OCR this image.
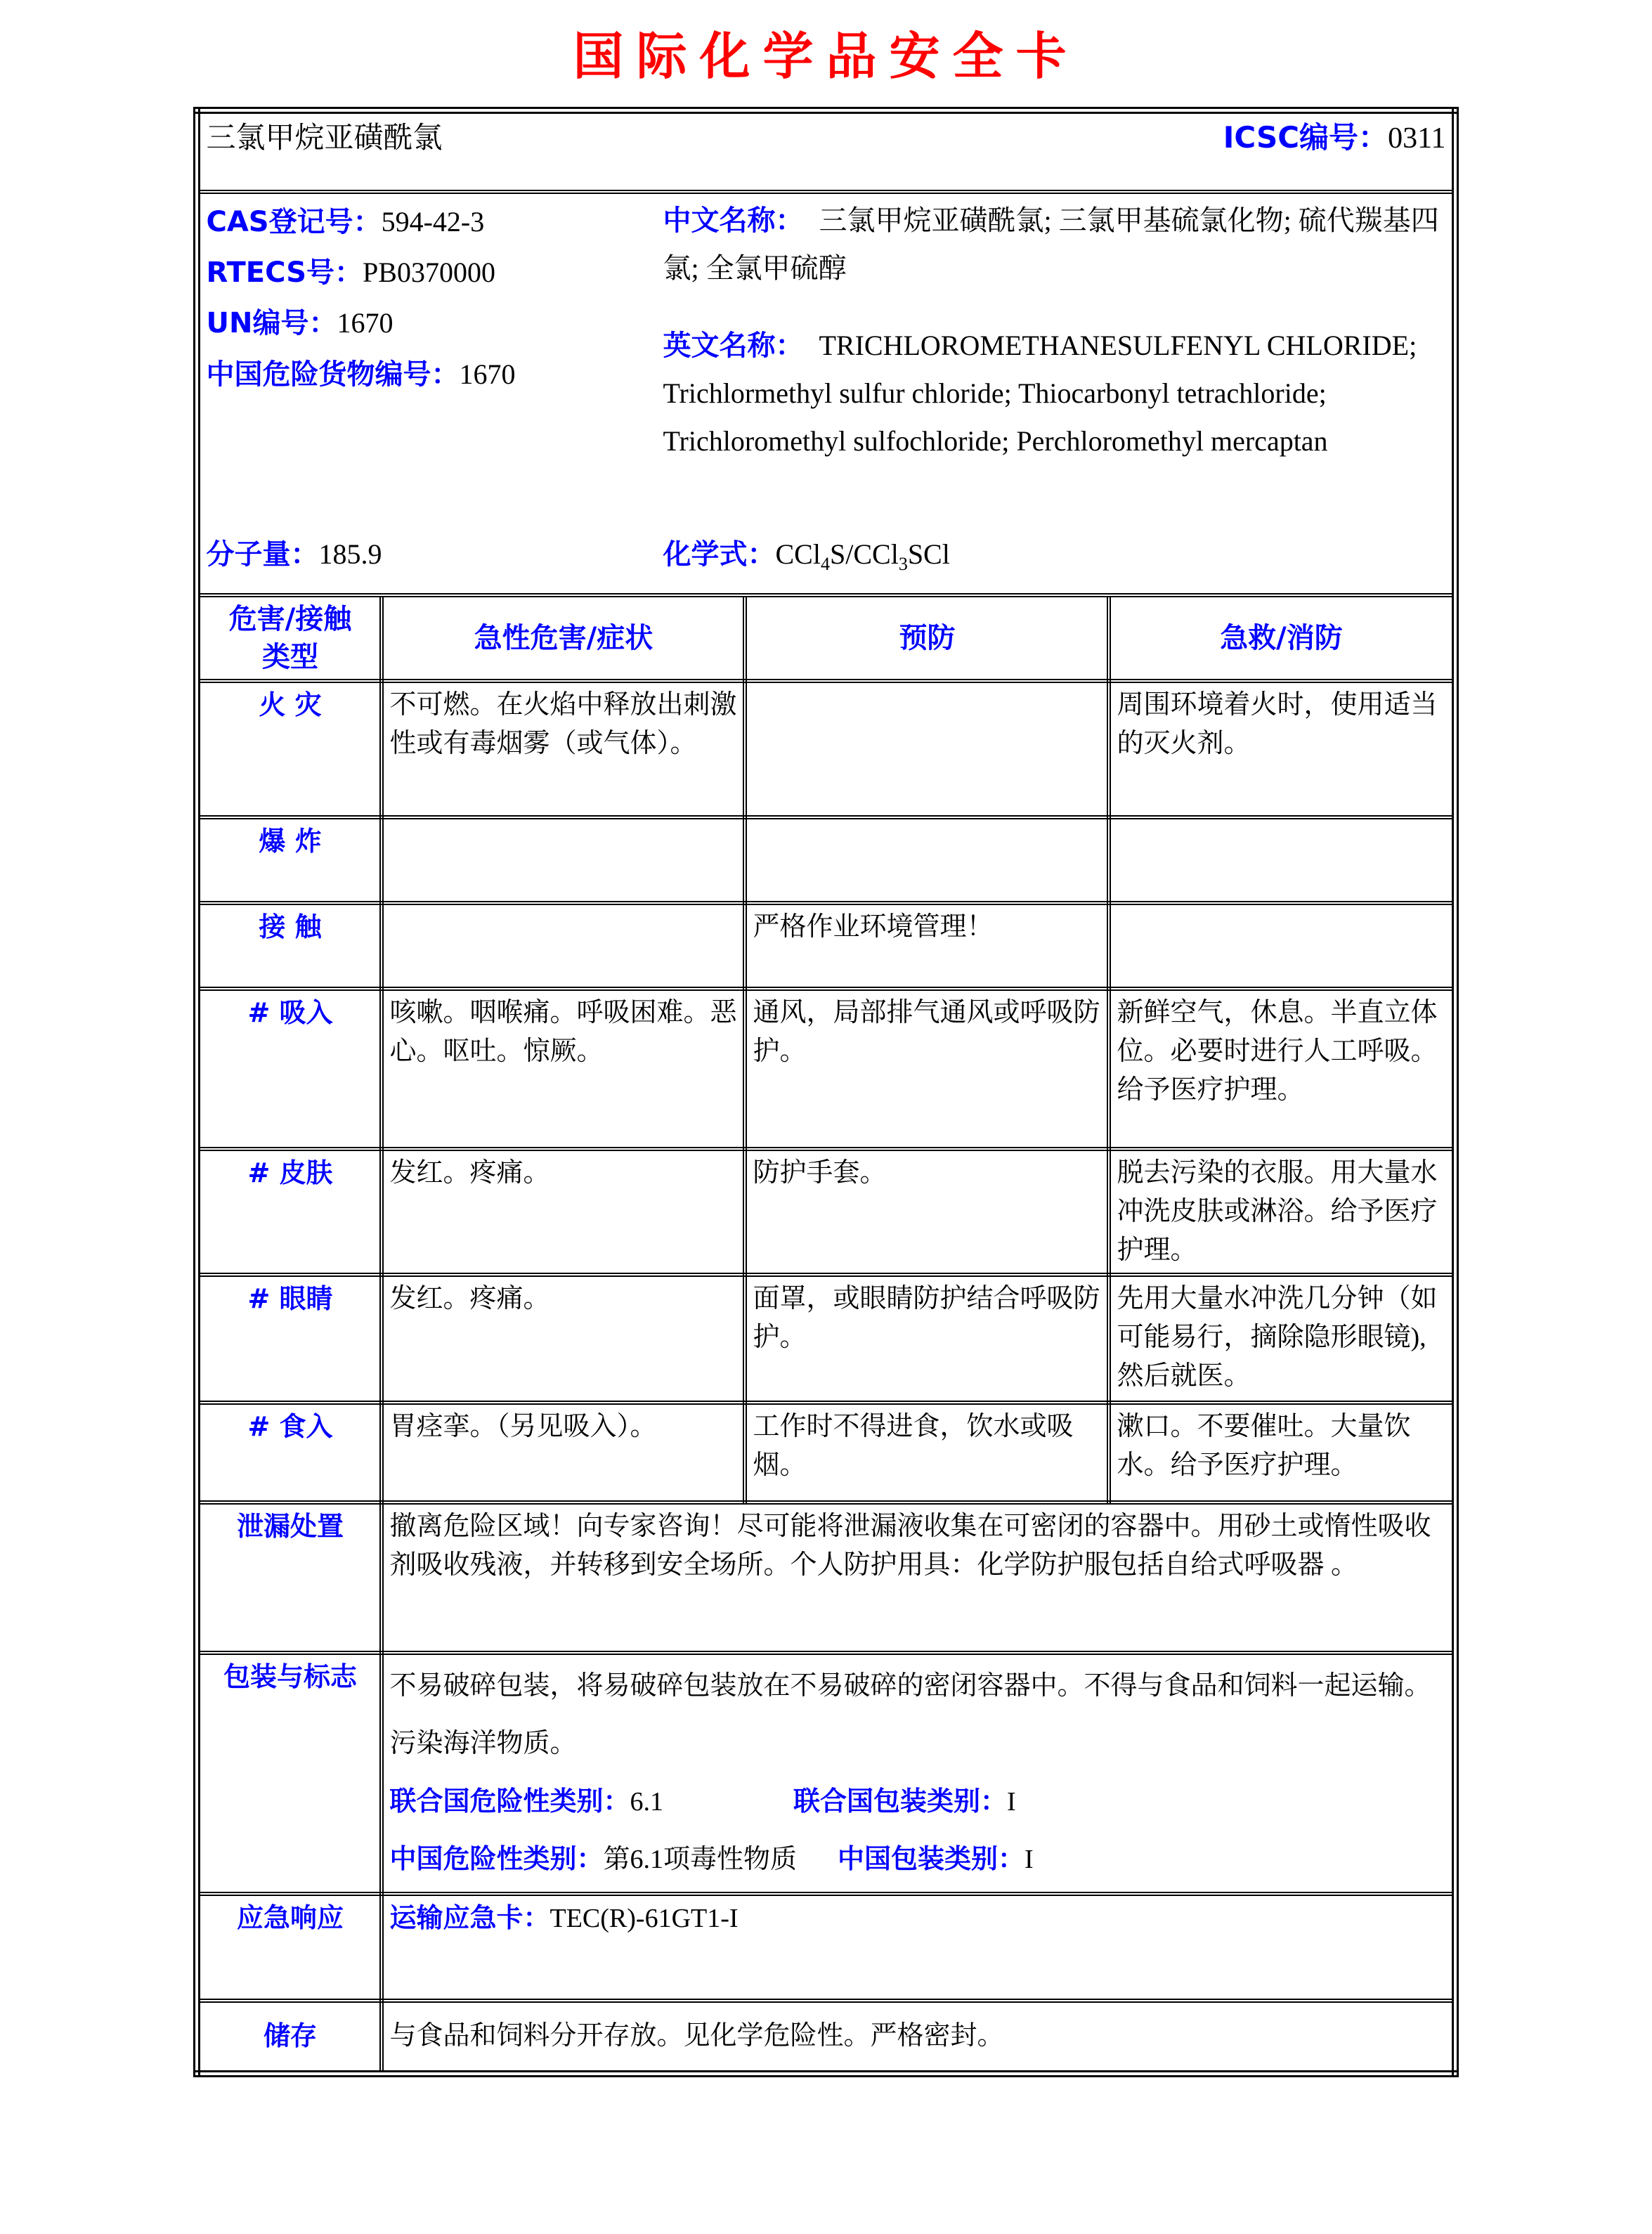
国际化学品安全卡
三氯甲烷亚磺酰氯 ICSC编号：0311			

CAS登记号：594-42-3
RTECS号：PB0370000
UN编号：1670
中国危险货物编号：1670

中文名称： 三氯甲烷亚磺酰氯; 三氯甲基硫氯化物; 硫代羰基四氯; 全氯甲硫醇

英文名称： TRICHLOROMETHANESULFENYL CHLORIDE; Trichlormethyl sulfur chloride; Thiocarbonyl tetrachloride; Trichloromethyl sulfochloride; Perchloromethyl mercaptan

分子量：185.9	化学式：CCl$_4$S/CCl$_3$SCl

危害/接触
类型	急性危害/症状	预防	急救/消防
火 灾	不可燃。在火焰中释放出刺激性或有毒烟雾（或气体）。		周围环境着火时，使用适当的灭火剂。
爆 炸			
接 触		严格作业环境管理！	
# 吸入	咳嗽。咽喉痛。呼吸困难。恶心。呕吐。惊厥。	通风，局部排气通风或呼吸防护。	新鲜空气，休息。半直立体位。必要时进行人工呼吸。给予医疗护理。
# 皮肤	发红。疼痛。	防护手套。	脱去污染的衣服。用大量水冲洗皮肤或淋浴。给予医疗护理。
# 眼睛	发红。疼痛。	面罩，或眼睛防护结合呼吸防护。	先用大量水冲洗几分钟（如可能易行，摘除隐形眼镜),然后就医。
# 食入	胃痉挛。（另见吸入）。	工作时不得进食，饮水或吸烟。	漱口。不要催吐。大量饮水。给予医疗护理。
泄漏处置	撤离危险区域！向专家咨询！尽可能将泄漏液收集在可密闭的容器中。用砂土或惰性吸收剂吸收残液，并转移到安全场所。个人防护用具：化学防护服包括自给式呼吸器 。		
包装与标志	不易破碎包装，将易破碎包装放在不易破碎的密闭容器中。不得与食品和饲料一起运输。污染海洋物质。
联合国危险性类别：6.1 联合国包装类别：I
中国危险性类别：第6.1项毒性物质 中国包装类别：I		

应急响应	运输应急卡：TEC(R)-61GT1-I		
储存	与食品和饲料分开存放。见化学危险性。严格密封。		
